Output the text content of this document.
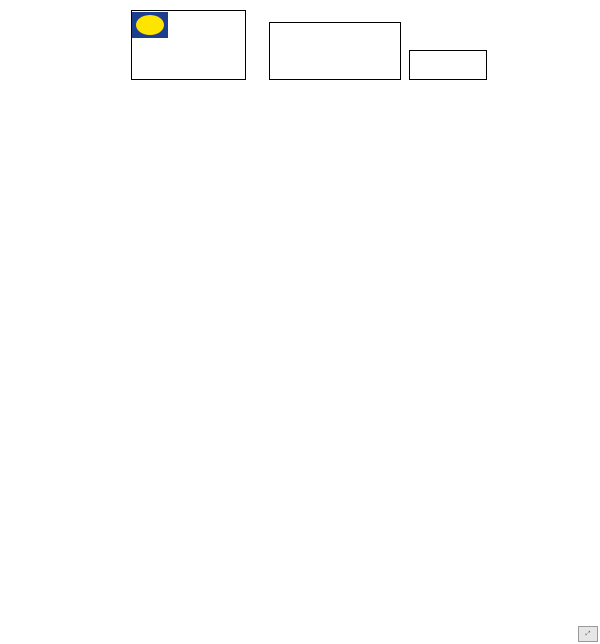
⤢
